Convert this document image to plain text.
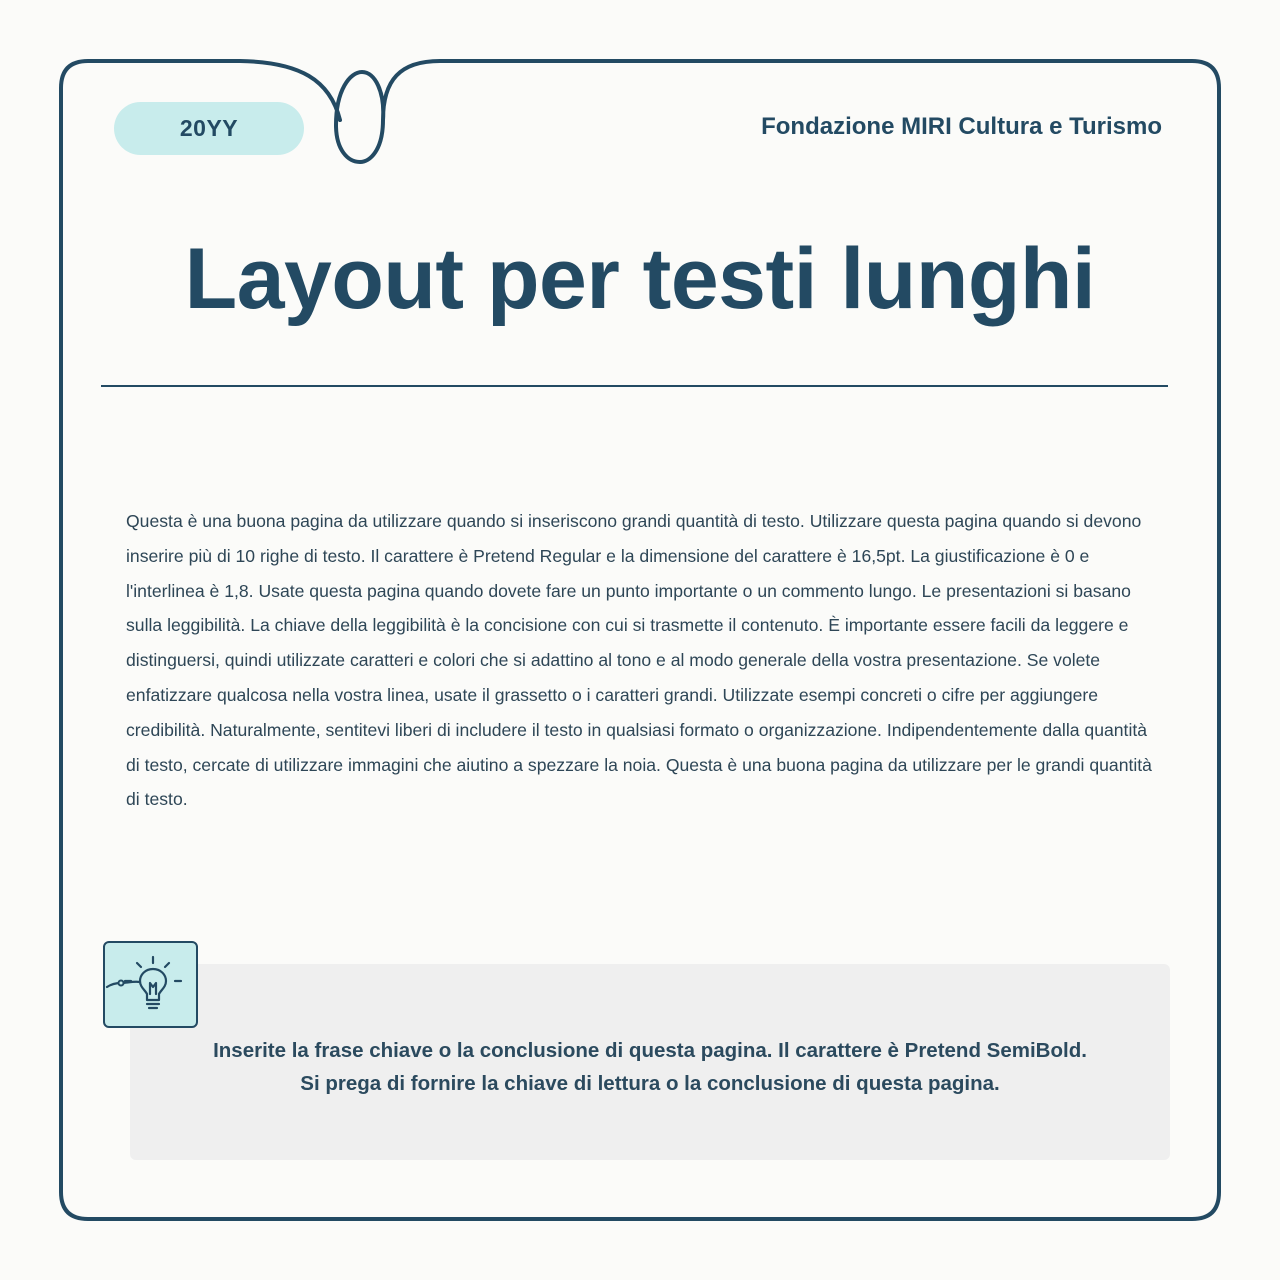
20YY	Fondazione MIRI Cultura e Turismo
Layout per testi lunghi

Questa è una buona pagina da utilizzare quando si inseriscono grandi quantità di testo. Utilizzare questa pagina quando si devono inserire più di 10 righe di testo. Il carattere è Pretend Regular e la dimensione del carattere è 16,5pt. La giustificazione è 0 e l'interlinea è 1,8. Usate questa pagina quando dovete fare un punto importante o un commento lungo. Le presentazioni si basano sulla leggibilità. La chiave della leggibilità è la concisione con cui si trasmette il contenuto. È importante essere facili da leggere e distinguersi, quindi utilizzate caratteri e colori che si adattino al tono e al modo generale della vostra presentazione. Se volete enfatizzare qualcosa nella vostra linea, usate il grassetto o i caratteri grandi. Utilizzate esempi concreti o cifre per aggiungere credibilità. Naturalmente, sentitevi liberi di includere il testo in qualsiasi formato o organizzazione. Indipendentemente dalla quantità di testo, cercate di utilizzare immagini che aiutino a spezzare la noia. Questa è una buona pagina da utilizzare per le grandi quantità di testo.

Inserite la frase chiave o la conclusione di questa pagina. Il carattere è Pretend SemiBold.
Si prega di fornire la chiave di lettura o la conclusione di questa pagina.
